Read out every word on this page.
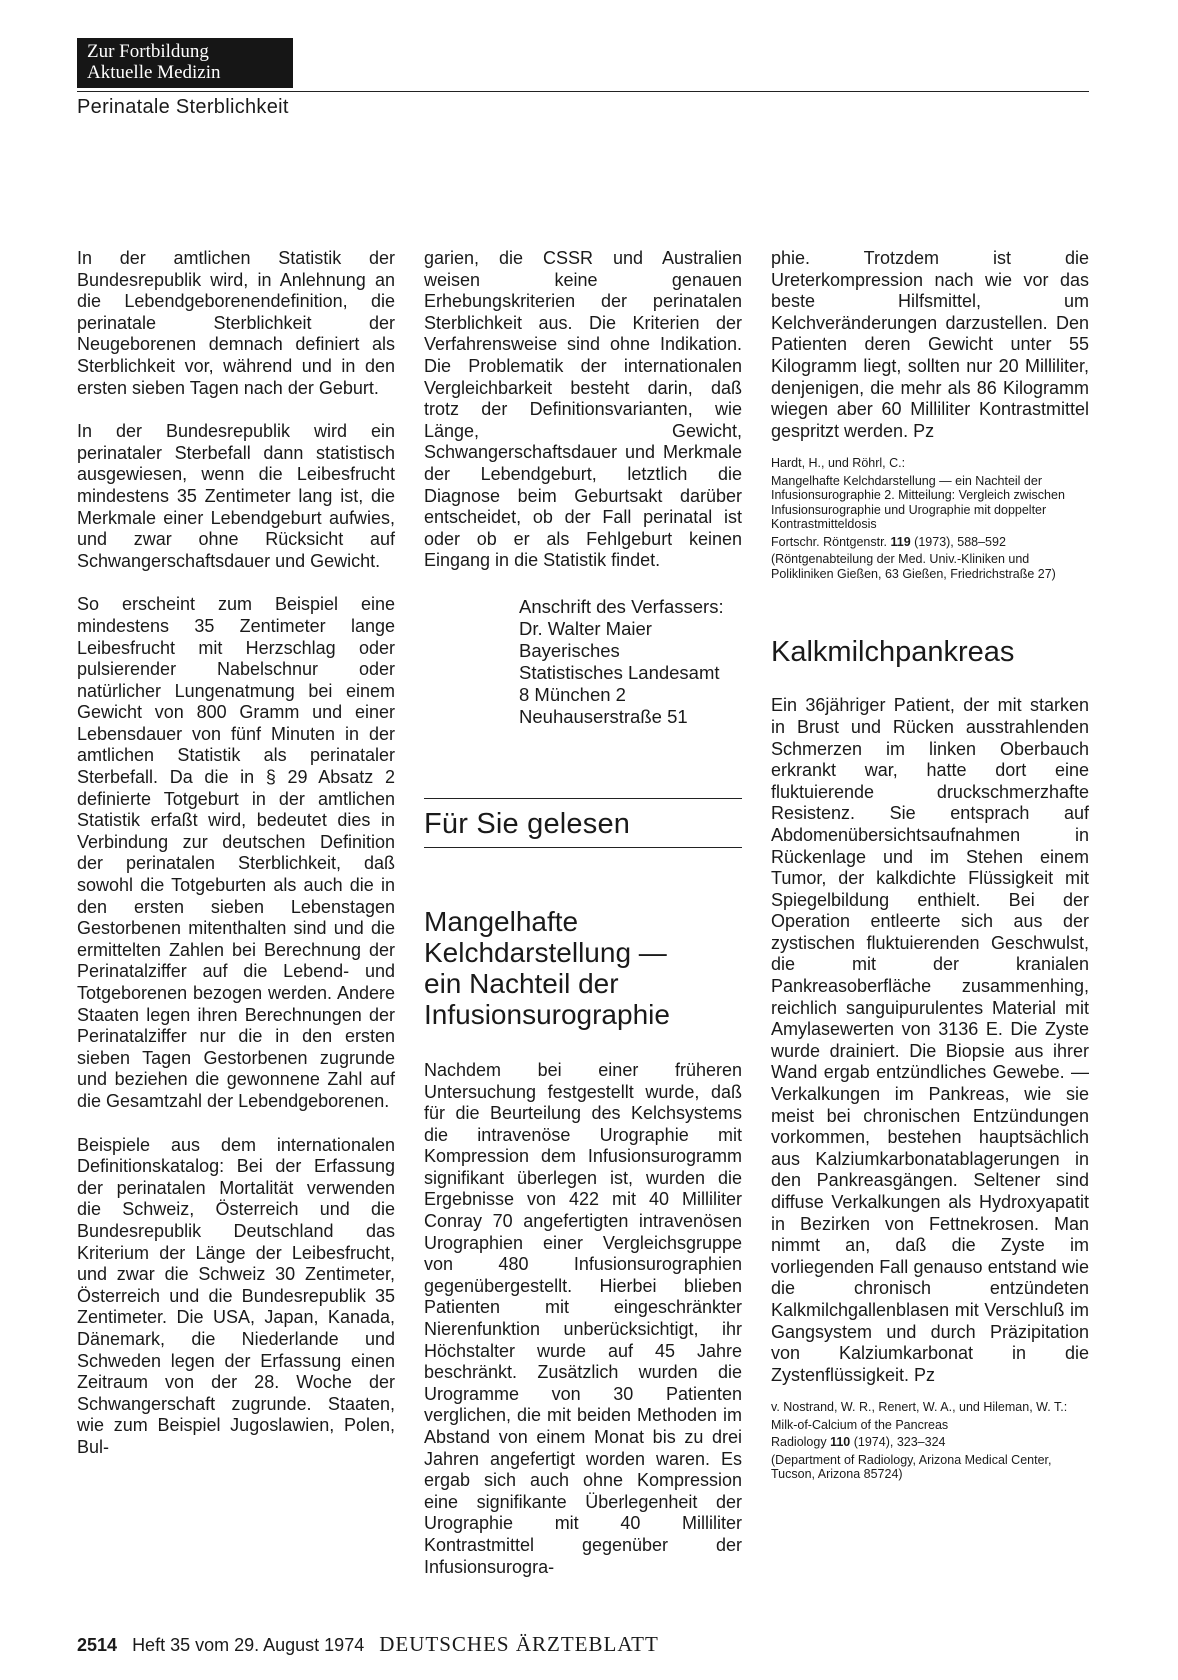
Zur Fortbildung
Aktuelle Medizin
Perinatale Sterblichkeit

In der amtlichen Statistik der Bundesrepublik wird, in Anlehnung an die Lebendgeborenendefinition, die perinatale Sterblichkeit der Neugeborenen demnach definiert als Sterblichkeit vor, während und in den ersten sieben Tagen nach der Geburt.

In der Bundesrepublik wird ein perinataler Sterbefall dann statistisch ausgewiesen, wenn die Leibesfrucht mindestens 35 Zentimeter lang ist, die Merkmale einer Lebendgeburt aufwies, und zwar ohne Rücksicht auf Schwangerschaftsdauer und Gewicht.

So erscheint zum Beispiel eine mindestens 35 Zentimeter lange Leibesfrucht mit Herzschlag oder pulsierender Nabelschnur oder natürlicher Lungenatmung bei einem Gewicht von 800 Gramm und einer Lebensdauer von fünf Minuten in der amtlichen Statistik als perinataler Sterbefall. Da die in § 29 Absatz 2 definierte Totgeburt in der amtlichen Statistik erfaßt wird, bedeutet dies in Verbindung zur deutschen Definition der perinatalen Sterblichkeit, daß sowohl die Totgeburten als auch die in den ersten sieben Lebenstagen Gestorbenen mitenthalten sind und die ermittelten Zahlen bei Berechnung der Perinatalziffer auf die Lebend- und Totgeborenen bezogen werden. Andere Staaten legen ihren Berechnungen der Perinatalziffer nur die in den ersten sieben Tagen Gestorbenen zugrunde und beziehen die gewonnene Zahl auf die Gesamtzahl der Lebendgeborenen.

Beispiele aus dem internationalen Definitionskatalog: Bei der Erfassung der perinatalen Mortalität verwenden die Schweiz, Österreich und die Bundesrepublik Deutschland das Kriterium der Länge der Leibesfrucht, und zwar die Schweiz 30 Zentimeter, Österreich und die Bundesrepublik 35 Zentimeter. Die USA, Japan, Kanada, Dänemark, die Niederlande und Schweden legen der Erfassung einen Zeitraum von der 28. Woche der Schwangerschaft zugrunde. Staaten, wie zum Beispiel Jugoslawien, Polen, Bul-

garien, die CSSR und Australien weisen keine genauen Erhebungskriterien der perinatalen Sterblichkeit aus. Die Kriterien der Verfahrensweise sind ohne Indikation. Die Problematik der internationalen Vergleichbarkeit besteht darin, daß trotz der Definitionsvarianten, wie Länge, Gewicht, Schwangerschaftsdauer und Merkmale der Lebendgeburt, letztlich die Diagnose beim Geburtsakt darüber entscheidet, ob der Fall perinatal ist oder ob er als Fehlgeburt keinen Eingang in die Statistik findet.

Anschrift des Verfassers:
Dr. Walter Maier
Bayerisches
Statistisches Landesamt
8 München 2
Neuhauserstraße 51
Für Sie gelesen
Mangelhafte
Kelchdarstellung —
ein Nachteil der
Infusionsurographie

Nachdem bei einer früheren Untersuchung festgestellt wurde, daß für die Beurteilung des Kelchsystems die intravenöse Urographie mit Kompression dem Infusionsurogramm signifikant überlegen ist, wurden die Ergebnisse von 422 mit 40 Milliliter Conray 70 angefertigten intravenösen Urographien einer Vergleichsgruppe von 480 Infusionsurographien gegenübergestellt. Hierbei blieben Patienten mit eingeschränkter Nierenfunktion unberücksichtigt, ihr Höchstalter wurde auf 45 Jahre beschränkt. Zusätzlich wurden die Urogramme von 30 Patienten verglichen, die mit beiden Methoden im Abstand von einem Monat bis zu drei Jahren angefertigt worden waren. Es ergab sich auch ohne Kompression eine signifikante Überlegenheit der Urographie mit 40 Milliliter Kontrastmittel gegenüber der Infusionsurogra-

phie. Trotzdem ist die Ureterkompression nach wie vor das beste Hilfsmittel, um Kelchveränderungen darzustellen. Den Patienten deren Gewicht unter 55 Kilogramm liegt, sollten nur 20 Milliliter, denjenigen, die mehr als 86 Kilogramm wiegen aber 60 Milliliter Kontrastmittel gespritzt werden. Pz

Hardt, H., und Röhrl, C.:

Mangelhafte Kelchdarstellung — ein Nachteil der Infusionsurographie 2. Mitteilung: Vergleich zwischen Infusionsurographie und Urographie mit doppelter Kontrastmitteldosis

Fortschr. Röntgenstr. 119 (1973), 588–592

(Röntgenabteilung der Med. Univ.-Kliniken und Polikliniken Gießen, 63 Gießen, Friedrichstraße 27)

Kalkmilchpankreas

Ein 36jähriger Patient, der mit starken in Brust und Rücken ausstrahlenden Schmerzen im linken Oberbauch erkrankt war, hatte dort eine fluktuierende druckschmerzhafte Resistenz. Sie entsprach auf Abdomenübersichtsaufnahmen in Rückenlage und im Stehen einem Tumor, der kalkdichte Flüssigkeit mit Spiegelbildung enthielt. Bei der Operation entleerte sich aus der zystischen fluktuierenden Geschwulst, die mit der kranialen Pankreasoberfläche zusammenhing, reichlich sanguipurulentes Material mit Amylasewerten von 3136 E. Die Zyste wurde drainiert. Die Biopsie aus ihrer Wand ergab entzündliches Gewebe. — Verkalkungen im Pankreas, wie sie meist bei chronischen Entzündungen vorkommen, bestehen hauptsächlich aus Kalziumkarbonatablagerungen in den Pankreasgängen. Seltener sind diffuse Verkalkungen als Hydroxyapatit in Bezirken von Fettnekrosen. Man nimmt an, daß die Zyste im vorliegenden Fall genauso entstand wie die chronisch entzündeten Kalkmilchgallenblasen mit Verschluß im Gangsystem und durch Präzipitation von Kalziumkarbonat in die Zystenflüssigkeit. Pz

v. Nostrand, W. R., Renert, W. A., und Hileman, W. T.:

Milk-of-Calcium of the Pancreas

Radiology 110 (1974), 323–324

(Department of Radiology, Arizona Medical Center, Tucson, Arizona 85724)

2514 Heft 35 vom 29. August 1974 DEUTSCHES ÄRZTEBLATT
